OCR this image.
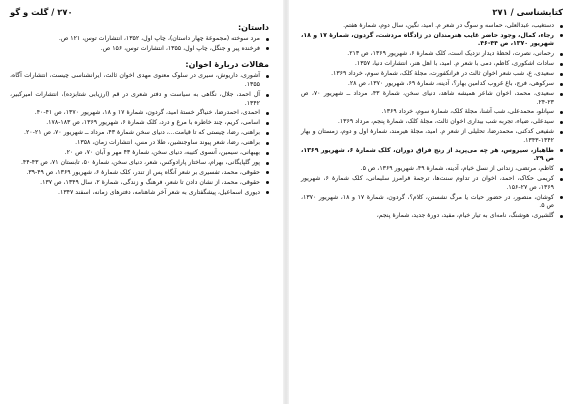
۲۷۰ / گلت و گو
داستان:
مرد سوخته (مجموعهٔ چهار داستان)، چاپ اول، ۱۳۵۲، انتشارات توس، ۱۲۱ ص.
فرخنده پیر و جنگل، چاپ اول، ۱۳۵۵، انتشارات توس، ۱۵۶ ص.
مقالات دربارهٔ اخوان:
آشوری، داریوش، سیری در سلوک معنوی مهدی اخوان ثالث، ایرانشناسی چیست، انتشارات آگاه، ۱۳۵۵.
آل احمد، جلال، نگاهی به سیاست و دفتر شعری در قم (ارزیابی شتابزده)، انتشارات امیرکبیر، ۱۳۴۲.
احمدی، احمدرضا، خنیاگر خستهٔ امید، گردون، شمارهٔ ۱۷ و ۱۸، شهریور ۱۳۷۰، ص ۴۱-۴۰.
اسامی، کریم، چند خاطره با مرغ و درد، کلک شمارهٔ ۶، شهریور ۱۳۶۹، ص ۱۸۳-۱۷۸.
براهنی، رضا، چیستی که تا قیامت...، دنیای سخن شمارهٔ ۴۳، مرداد ــ شهریور ۷۰، ص ۲۱-۲۰.
براهنی، رضا، شعر پیوند ساوجنشین، طلا در مس، انتشارات زمان، ۱۳۵۸.
بهبهانی، سیمین، آنسوی کتیبه، دنیای سخن، شمارهٔ ۴۳ مهر و آبان ۷۰، ص ۲۰.
پور گلپایگانی، بهرام، ساختار پارادوکس، شعر، دنیای سخن، شمارهٔ ۵۰، تابستان ۷۱، ص ۴۳-۴۴.
حقوقی، محمد، تفسیری بر شعر آنگاه پس از تندر، کلک شمارهٔ ۶، شهریور ۱۳۶۹، ص ۴۹-۳۹.
حقوقی، محمد، از نشان دادن تا شعر، فرهنگ و زندگی، شمارهٔ ۲، سال ۱۳۴۹، ص ۱۳۷.
دیوری اسماعیل، پیشگفتاری به شعر آخر شاهنامه، دفترهای زمانه، اسفند ۱۳۴۷.
کتابشناسی / ۲۷۱
دستغیب، عبدالعلی، حماسه و سوگ در شعر م. امید، نگین، سال دوم، شمارهٔ هفتم.
رجاء، کمال، وجود حاضر غایب هنرمندان در زادگاه مردشت، گردون، شمارهٔ ۱۷ و ۱۸، شهریور ۱۳۷۰، ص ۴۴-۴۶.
رحمانی، نصرت، لحظهٔ دیدار نزدیک است، کلک شمارهٔ ۶، شهریور ۱۳۶۹، ص ۲۱۳.
سادات اشکوری، کاظم، دمی با شعر م. امید، با اهل هنر، انتشارات دنیا، ۱۳۵۷.
سعیدی، ع، شب شعر اخوان ثالث در فرانکفورت، مجلهٔ کلک، شمارهٔ سوم، خرداد ۱۳۶۹.
سرکوهی، فرج، باغ غروب کدامین بهار؟، آدینه، شمارهٔ ۶۹، شهریور ۱۳۷۰، ص ۲۸.
سعیدی، محمد، اخوان شاعر همیشه شاهد، دنیای سخن، شمارهٔ ۴۳، مرداد ــ شهریور ۷۰، ص ۲۳-۲۴.
سپانلو، محمدعلی، شب آشنا، مجلهٔ کلک، شمارهٔ سوم، خرداد ۱۳۶۹.
سیدعلی، ضیاء، تجربه شب بیداری اخوان ثالث، مجلهٔ کلک، شمارهٔ پنجم، مرداد ۱۳۶۹.
شفیعی کدکنی، محمدرضا، تحلیلی از شعر م. امید، مجلهٔ هیرمند، شمارهٔ اول و دوم، زمستان و بهار ۱۳۴۲-۱۳۴۳.
طاهباز، سیروس، هر چه می‌پرید از رنج فراق دوران، کلک شمارهٔ ۶، شهریور ۱۳۶۹، ص ۲۹.
کاظم، مرتضی، زندانی از نسل خیام، آدینه، شمارهٔ ۴۹، شهریور ۱۳۶۹، ص ۵.
کریمی حکاک، احمد، اخوان در تداوم سنت‌ها، ترجمهٔ فرامرز سلیمانی، کلک شمارهٔ ۶، شهریور ۱۳۶۹، ص ۲۷-۱۵۶.
کوشان، منصور، در حضور حیات یا مرگ نشستن، کلام؟، گردون، شمارهٔ ۱۷ و ۱۸، شهریور ۱۳۷۰، ص ۵.
گلشیری، هوشنگ، نامه‌ای به تیار خیام، مفید، دورهٔ جدید، شمارهٔ پنجم،
